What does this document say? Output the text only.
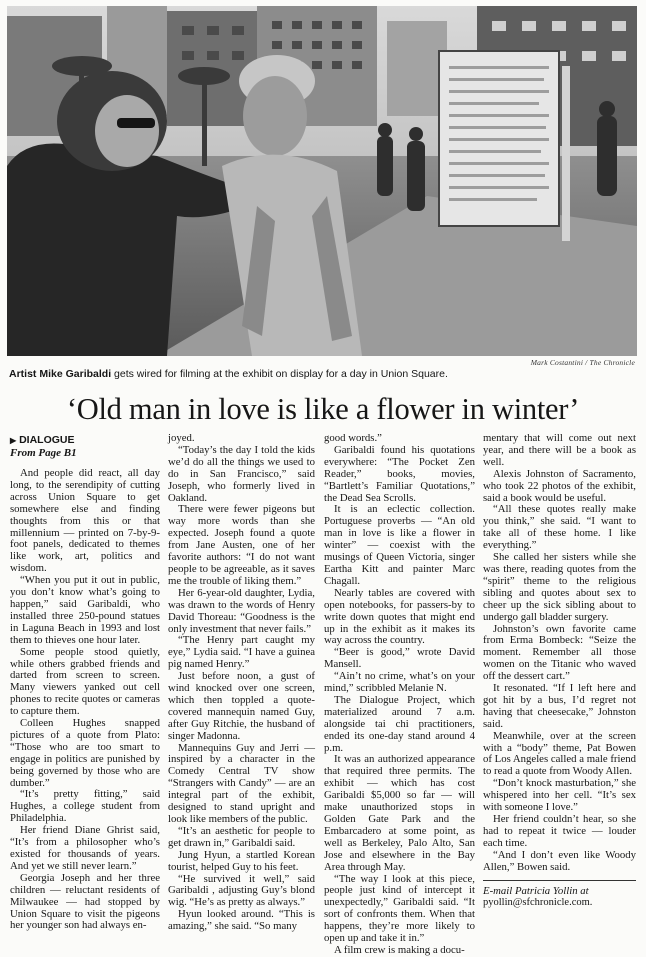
Mark Costantini / The Chronicle
Artist Mike Garibaldi gets wired for filming at the exhibit on display for a day in Union Square.
‘Old man in love is like a flower in winter’
▶ DIALOGUE
From Page B1

And people did react, all day long, to the serendipity of cutting across Union Square to get somewhere else and finding thoughts from this or that millennium — printed on 7-by-9-foot panels, dedicated to themes like work, art, politics and wisdom.

“When you put it out in public, you don’t know what’s going to happen,” said Garibaldi, who installed three 250-pound statues in Laguna Beach in 1993 and lost them to thieves one hour later.

Some people stood quietly, while others grabbed friends and darted from screen to screen. Many viewers yanked out cell phones to recite quotes or cameras to capture them.

Colleen Hughes snapped pictures of a quote from Plato: “Those who are too smart to engage in politics are punished by being governed by those who are dumber.”

“It’s pretty fitting,” said Hughes, a college student from Philadelphia.

Her friend Diane Ghrist said, “It’s from a philosopher who’s existed for thousands of years. And yet we still never learn.”

Georgia Joseph and her three children — reluctant residents of Milwaukee — had stopped by Union Square to visit the pigeons her younger son had always en-

joyed.

“Today’s the day I told the kids we’d do all the things we used to do in San Francisco,” said Joseph, who formerly lived in Oakland.

There were fewer pigeons but way more words than she expected. Joseph found a quote from Jane Austen, one of her favorite authors: “I do not want people to be agreeable, as it saves me the trouble of liking them.”

Her 6-year-old daughter, Lydia, was drawn to the words of Henry David Thoreau: “Goodness is the only investment that never fails.”

“The Henry part caught my eye,” Lydia said. “I have a guinea pig named Henry.”

Just before noon, a gust of wind knocked over one screen, which then toppled a quote-covered mannequin named Guy, after Guy Ritchie, the husband of singer Madonna.

Mannequins Guy and Jerri — inspired by a character in the Comedy Central TV show “Strangers with Candy” — are an integral part of the exhibit, designed to stand upright and look like members of the public.

“It’s an aesthetic for people to get drawn in,” Garibaldi said.

Jung Hyun, a startled Korean tourist, helped Guy to his feet.

“He survived it well,” said Garibaldi , adjusting Guy’s blond wig. “He’s as pretty as always.”

Hyun looked around. “This is amazing,” she said. “So many

good words.”

Garibaldi found his quotations everywhere: “The Pocket Zen Reader,” books, movies, “Bartlett’s Familiar Quotations,” the Dead Sea Scrolls.

It is an eclectic collection. Portuguese proverbs — “An old man in love is like a flower in winter” — coexist with the musings of Queen Victoria, singer Eartha Kitt and painter Marc Chagall.

Nearly tables are covered with open notebooks, for passers-by to write down quotes that might end up in the exhibit as it makes its way across the country.

“Beer is good,” wrote David Mansell.

“Ain’t no crime, what’s on your mind,” scribbled Melanie N.

The Dialogue Project, which materialized around 7 a.m. alongside tai chi practitioners, ended its one-day stand around 4 p.m.

It was an authorized appearance that required three permits. The exhibit — which has cost Garibaldi $5,000 so far — will make unauthorized stops in Golden Gate Park and the Embarcadero at some point, as well as Berkeley, Palo Alto, San Jose and elsewhere in the Bay Area through May.

“The way I look at this piece, people just kind of intercept it unexpectedly,” Garibaldi said. “It sort of confronts them. When that happens, they’re more likely to open up and take it in.”

A film crew is making a docu-

mentary that will come out next year, and there will be a book as well.

Alexis Johnston of Sacramento, who took 22 photos of the exhibit, said a book would be useful.

“All these quotes really make you think,” she said. “I want to take all of these home. I like everything.”

She called her sisters while she was there, reading quotes from the “spirit” theme to the religious sibling and quotes about sex to cheer up the sick sibling about to undergo gall bladder surgery.

Johnston’s own favorite came from Erma Bombeck: “Seize the moment. Remember all those women on the Titanic who waved off the dessert cart.”

It resonated. “If I left here and got hit by a bus, I’d regret not having that cheesecake,” Johnston said.

Meanwhile, over at the screen with a “body” theme, Pat Bowen of Los Angeles called a male friend to read a quote from Woody Allen.

“Don’t knock masturbation,” she whispered into her cell. “It’s sex with someone I love.”

Her friend couldn’t hear, so she had to repeat it twice — louder each time.

“And I don’t even like Woody Allen,” Bowen said.

E-mail Patricia Yollin at
pyollin@sfchronicle.com.
